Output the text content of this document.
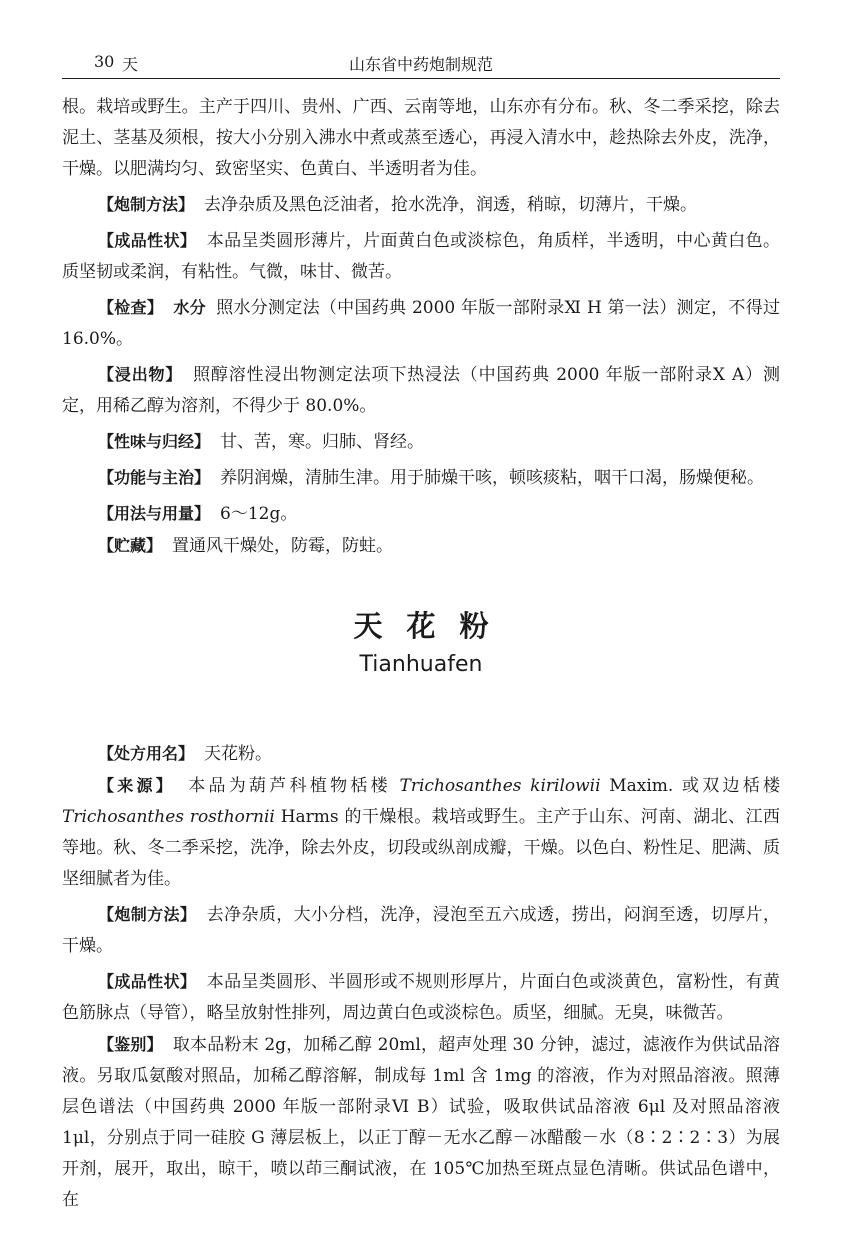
30 天	山东省中药炮制规范

根。栽培或野生。主产于四川、贵州、广西、云南等地，山东亦有分布。秋、冬二季采挖，除去泥土、茎基及须根，按大小分别入沸水中煮或蒸至透心，再浸入清水中，趁热除去外皮，洗净，干燥。以肥满均匀、致密坚实、色黄白、半透明者为佳。

【炮制方法】 去净杂质及黑色泛油者，抢水洗净，润透，稍晾，切薄片，干燥。

【成品性状】 本品呈类圆形薄片，片面黄白色或淡棕色，角质样，半透明，中心黄白色。质坚韧或柔润，有粘性。气微，味甘、微苦。

【检查】 水分 照水分测定法（中国药典 2000 年版一部附录Ⅺ H 第一法）测定，不得过 16.0%。

【浸出物】 照醇溶性浸出物测定法项下热浸法（中国药典 2000 年版一部附录Ⅹ A）测定，用稀乙醇为溶剂，不得少于 80.0%。

【性味与归经】 甘、苦，寒。归肺、肾经。

【功能与主治】 养阴润燥，清肺生津。用于肺燥干咳，顿咳痰粘，咽干口渴，肠燥便秘。

【用法与用量】 6～12g。

【贮藏】 置通风干燥处，防霉，防蛀。

天花粉
Tianhuafen

【处方用名】 天花粉。

【来源】 本品为葫芦科植物栝楼 Trichosanthes kirilowii Maxim. 或双边栝楼 Trichosanthes rosthornii Harms 的干燥根。栽培或野生。主产于山东、河南、湖北、江西等地。秋、冬二季采挖，洗净，除去外皮，切段或纵剖成瓣，干燥。以色白、粉性足、肥满、质坚细腻者为佳。

【炮制方法】 去净杂质，大小分档，洗净，浸泡至五六成透，捞出，闷润至透，切厚片，干燥。

【成品性状】 本品呈类圆形、半圆形或不规则形厚片，片面白色或淡黄色，富粉性，有黄色筋脉点（导管），略呈放射性排列，周边黄白色或淡棕色。质坚，细腻。无臭，味微苦。

【鉴别】 取本品粉末 2g，加稀乙醇 20ml，超声处理 30 分钟，滤过，滤液作为供试品溶液。另取瓜氨酸对照品，加稀乙醇溶解，制成每 1ml 含 1mg 的溶液，作为对照品溶液。照薄层色谱法（中国药典 2000 年版一部附录Ⅵ B）试验，吸取供试品溶液 6μl 及对照品溶液 1μl，分别点于同一硅胶 G 薄层板上，以正丁醇－无水乙醇－冰醋酸－水（8∶2∶2∶3）为展开剂，展开，取出，晾干，喷以茚三酮试液，在 105℃加热至斑点显色清晰。供试品色谱中，在
